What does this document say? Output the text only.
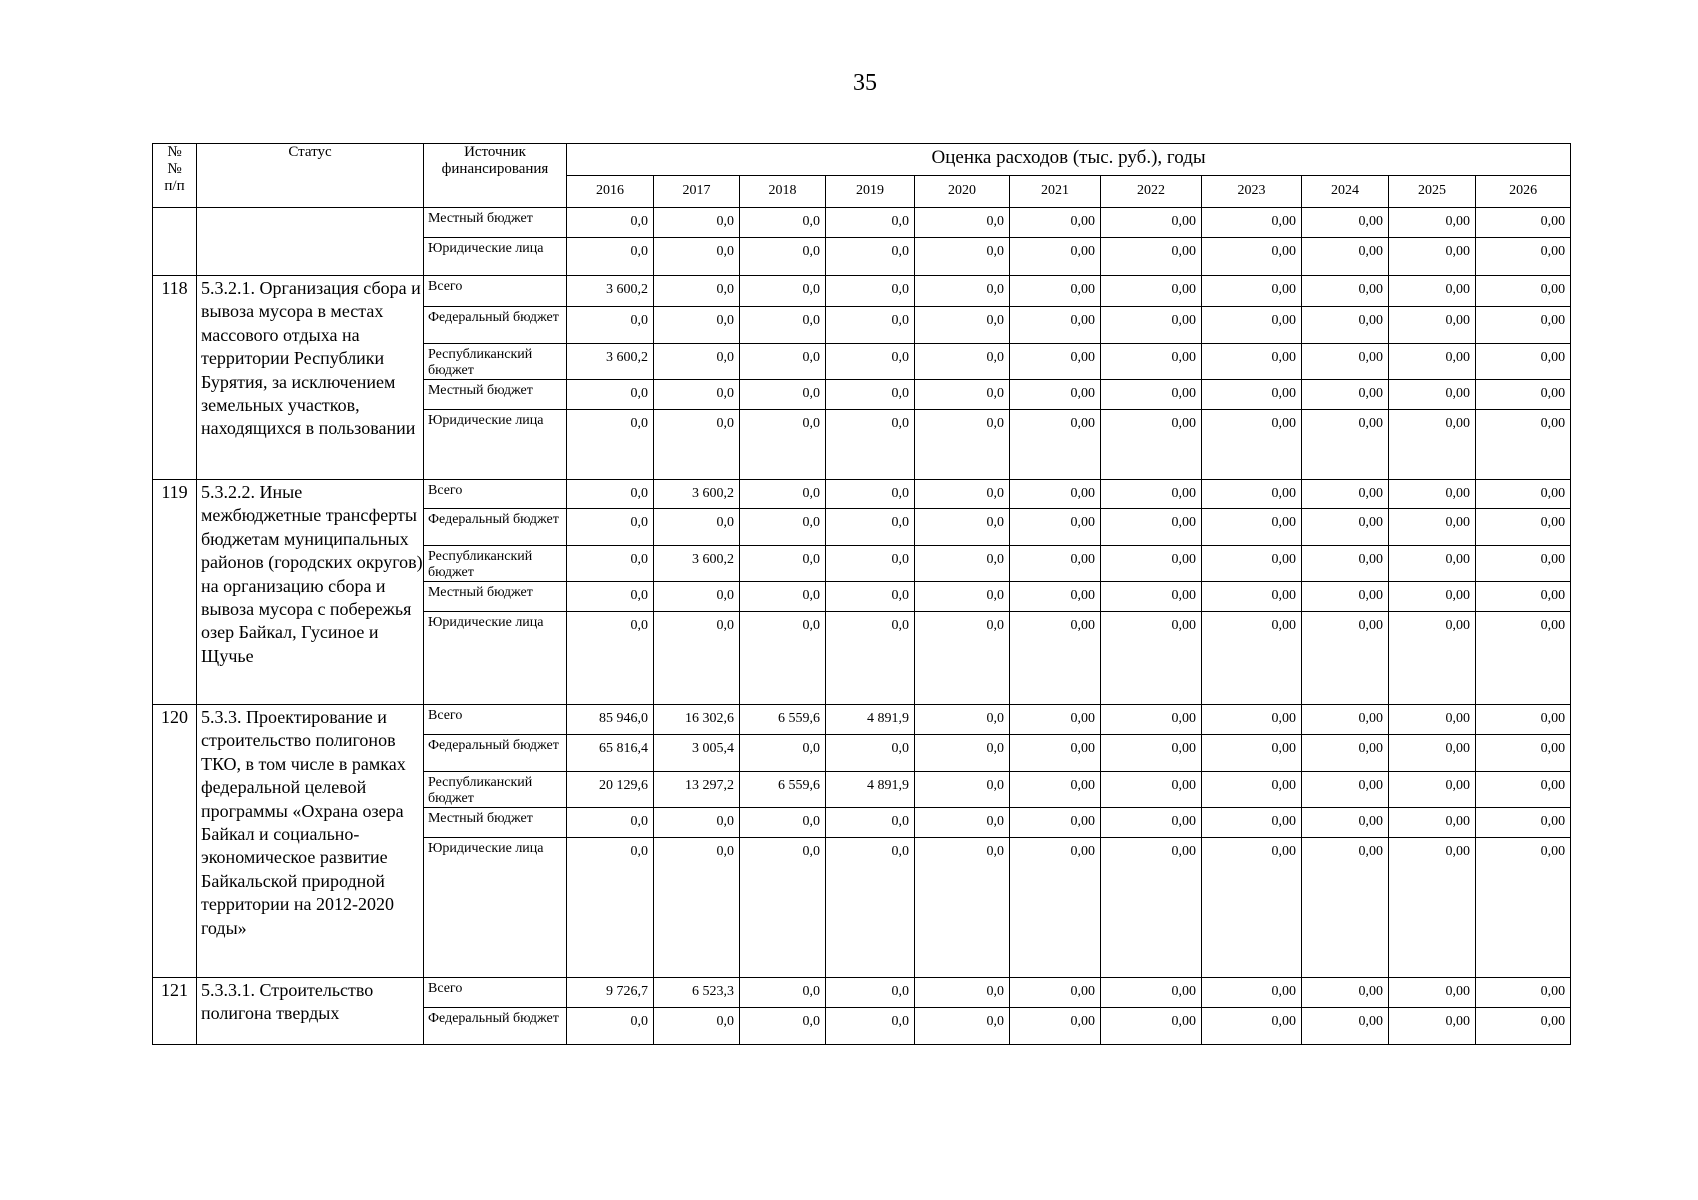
35
№
№
п/п	Статус	Источник
финансирования	Оценка расходов (тыс. руб.), годы										
			2016	2017	2018	2019	2020	2021	2022	2023	2024	2025	2026
		Местный бюджет	0,0	0,0	0,0	0,0	0,0	0,00	0,00	0,00	0,00	0,00	0,00
		Юридические лица	0,0	0,0	0,0	0,0	0,0	0,00	0,00	0,00	0,00	0,00	0,00
118	5.3.2.1. Организация сбора и вывоза мусора в местах массового отдыха на территории Республики Бурятия, за исключением земельных участков, находящихся в пользовании	Всего	3 600,2	0,0	0,0	0,0	0,0	0,00	0,00	0,00	0,00	0,00	0,00
		Федеральный бюджет	0,0	0,0	0,0	0,0	0,0	0,00	0,00	0,00	0,00	0,00	0,00
		Республиканский бюджет	3 600,2	0,0	0,0	0,0	0,0	0,00	0,00	0,00	0,00	0,00	0,00
		Местный бюджет	0,0	0,0	0,0	0,0	0,0	0,00	0,00	0,00	0,00	0,00	0,00
		Юридические лица	0,0	0,0	0,0	0,0	0,0	0,00	0,00	0,00	0,00	0,00	0,00
119	5.3.2.2. Иные межбюджетные трансферты бюджетам муниципальных районов (городских округов) на организацию сбора и вывоза мусора с побережья озер Байкал, Гусиное и Щучье	Всего	0,0	3 600,2	0,0	0,0	0,0	0,00	0,00	0,00	0,00	0,00	0,00
		Федеральный бюджет	0,0	0,0	0,0	0,0	0,0	0,00	0,00	0,00	0,00	0,00	0,00
		Республиканский бюджет	0,0	3 600,2	0,0	0,0	0,0	0,00	0,00	0,00	0,00	0,00	0,00
		Местный бюджет	0,0	0,0	0,0	0,0	0,0	0,00	0,00	0,00	0,00	0,00	0,00
		Юридические лица	0,0	0,0	0,0	0,0	0,0	0,00	0,00	0,00	0,00	0,00	0,00
120	5.3.3. Проектирование и строительство полигонов ТКО, в том числе в рамках федеральной целевой программы «Охрана озера Байкал и социально-экономическое развитие Байкальской природной территории на 2012-2020 годы»	Всего	85 946,0	16 302,6	6 559,6	4 891,9	0,0	0,00	0,00	0,00	0,00	0,00	0,00
		Федеральный бюджет	65 816,4	3 005,4	0,0	0,0	0,0	0,00	0,00	0,00	0,00	0,00	0,00
		Республиканский бюджет	20 129,6	13 297,2	6 559,6	4 891,9	0,0	0,00	0,00	0,00	0,00	0,00	0,00
		Местный бюджет	0,0	0,0	0,0	0,0	0,0	0,00	0,00	0,00	0,00	0,00	0,00
		Юридические лица	0,0	0,0	0,0	0,0	0,0	0,00	0,00	0,00	0,00	0,00	0,00
121	5.3.3.1. Строительство полигона твердых	Всего	9 726,7	6 523,3	0,0	0,0	0,0	0,00	0,00	0,00	0,00	0,00	0,00
		Федеральный бюджет	0,0	0,0	0,0	0,0	0,0	0,00	0,00	0,00	0,00	0,00	0,00
